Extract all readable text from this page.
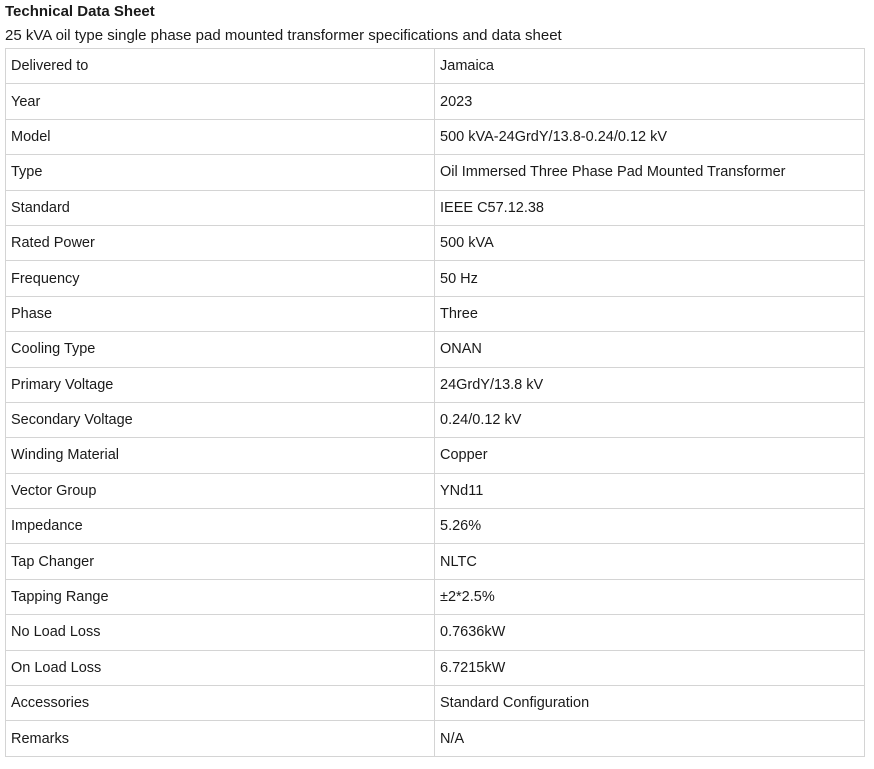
Technical Data Sheet
25 kVA oil type single phase pad mounted transformer specifications and data sheet
Delivered to	Jamaica
Year	2023
Model	500 kVA-24GrdY/13.8-0.24/0.12 kV
Type	Oil Immersed Three Phase Pad Mounted Transformer
Standard	IEEE C57.12.38
Rated Power	500 kVA
Frequency	50 Hz
Phase	Three
Cooling Type	ONAN
Primary Voltage	24GrdY/13.8 kV
Secondary Voltage	0.24/0.12 kV
Winding Material	Copper
Vector Group	YNd11
Impedance	5.26%
Tap Changer	NLTC
Tapping Range	±2*2.5%
No Load Loss	0.7636kW
On Load Loss	6.7215kW
Accessories	Standard Configuration
Remarks	N/A
